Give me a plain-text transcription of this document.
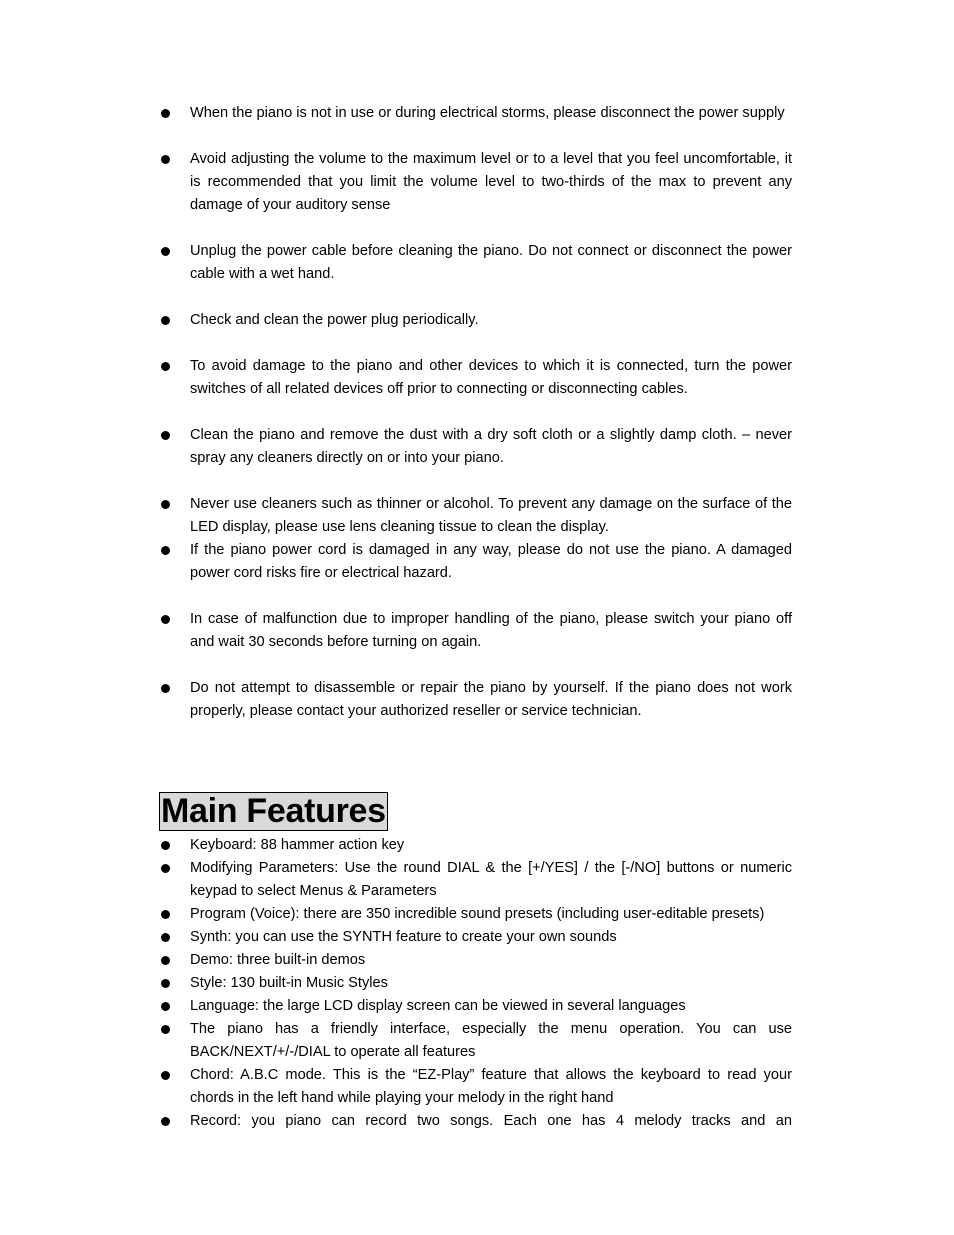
When the piano is not in use or during electrical storms, please disconnect the power supply
Avoid adjusting the volume to the maximum level or to a level that you feel uncomfortable, it is recommended that you limit the volume level to two-thirds of the max to prevent any damage of your auditory sense
Unplug the power cable before cleaning the piano. Do not connect or disconnect the power cable with a wet hand.
Check and clean the power plug periodically.
To avoid damage to the piano and other devices to which it is connected, turn the power switches of all related devices off prior to connecting or disconnecting cables.
Clean the piano and remove the dust with a dry soft cloth or a slightly damp cloth. – never spray any cleaners directly on or into your piano.
Never use cleaners such as thinner or alcohol. To prevent any damage on the surface of the LED display, please use lens cleaning tissue to clean the display.
If the piano power cord is damaged in any way, please do not use the piano. A damaged power cord risks fire or electrical hazard.
In case of malfunction due to improper handling of the piano, please switch your piano off and wait 30 seconds before turning on again.
Do not attempt to disassemble or repair the piano by yourself. If the piano does not work properly, please contact your authorized reseller or service technician.
Main Features
Keyboard: 88 hammer action key
Modifying Parameters: Use the round DIAL & the [+/YES] / the [-/NO] buttons or numeric keypad to select Menus & Parameters
Program (Voice): there are 350 incredible sound presets (including user-editable presets)
Synth: you can use the SYNTH feature to create your own sounds
Demo: three built-in demos
Style: 130 built-in Music Styles
Language: the large LCD display screen can be viewed in several languages
The piano has a friendly interface, especially the menu operation. You can use BACK/NEXT/+/-/DIAL to operate all features
Chord: A.B.C mode. This is the “EZ-Play” feature that allows the keyboard to read your chords in the left hand while playing your melody in the right hand
Record: you piano can record two songs. Each one has 4 melody tracks and an
